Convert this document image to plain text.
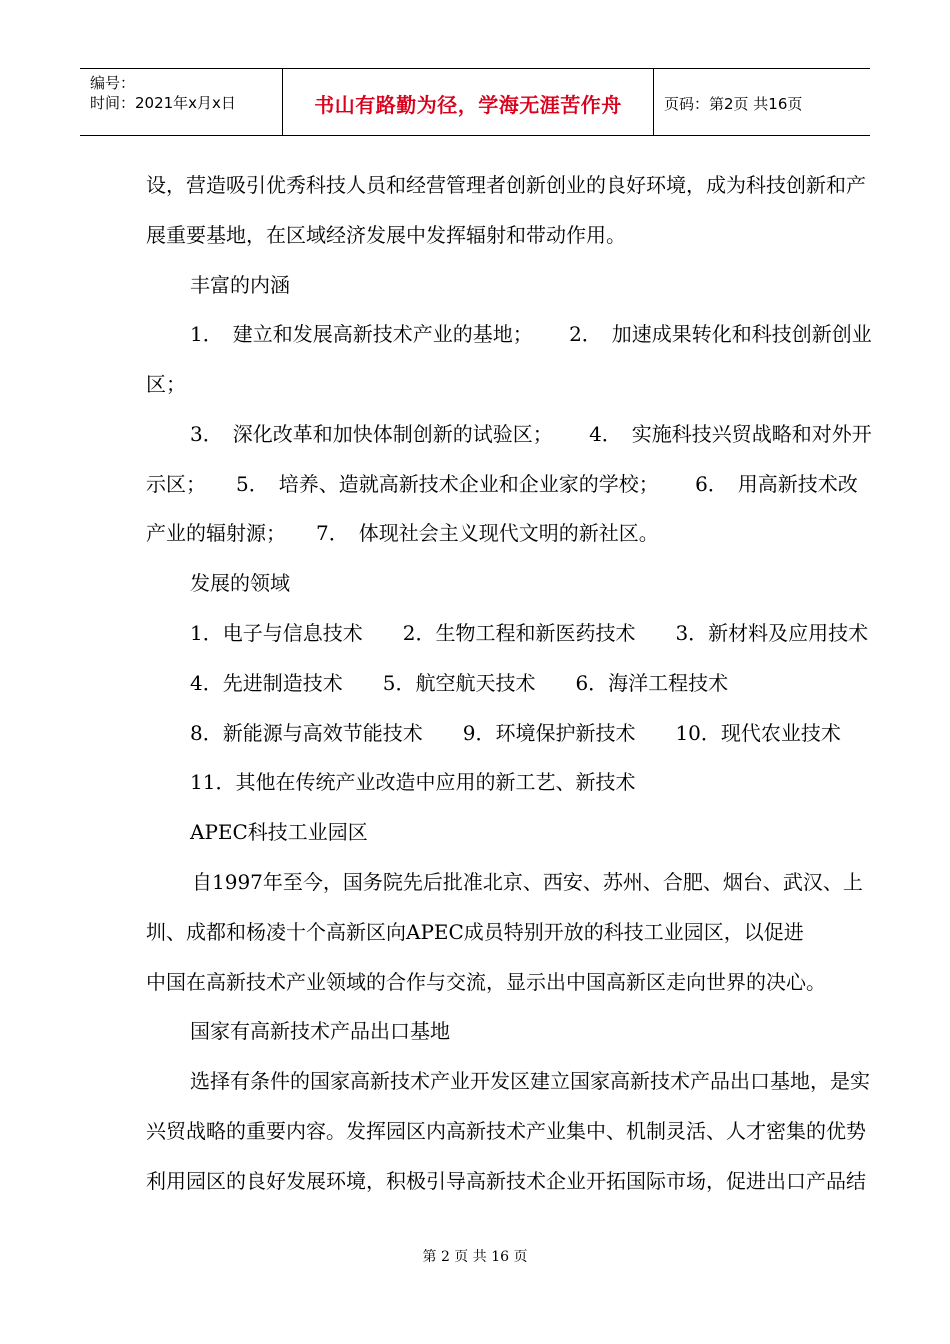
编号：
时间：2021年x月x日	书山有路勤为径，学海无涯苦作舟	页码：第2页 共16页
设，营造吸引优秀科技人员和经营管理者创新创业的良好环境，成为科技创新和产
展重要基地，在区域经济发展中发挥辐射和带动作用。
丰富的内涵
1．　建立和发展高新技术产业的基地；　　 2．　加速成果转化和科技创新创业
区；
3．　深化改革和加快体制创新的试验区；　　 4．　实施科技兴贸战略和对外开
示区；　　5．　培养、造就高新技术企业和企业家的学校；　　 6．　用高新技术改
产业的辐射源；　　7．　体现社会主义现代文明的新社区。
发展的领域
1．电子与信息技术　　2．生物工程和新医药技术　　3．新材料及应用技术
4．先进制造技术　　5．航空航天技术　　6．海洋工程技术
8．新能源与高效节能技术　　9．环境保护新技术　　10．现代农业技术
11．其他在传统产业改造中应用的新工艺、新技术
APEC科技工业园区
自1997年至今，国务院先后批准北京、西安、苏州、合肥、烟台、武汉、上
圳、成都和杨凌十个高新区向APEC成员特别开放的科技工业园区，以促进
中国在高新技术产业领域的合作与交流，显示出中国高新区走向世界的决心。
国家有高新技术产品出口基地
选择有条件的国家高新技术产业开发区建立国家高新技术产品出口基地，是实
兴贸战略的重要内容。发挥园区内高新技术产业集中、机制灵活、人才密集的优势
利用园区的良好发展环境，积极引导高新技术企业开拓国际市场，促进出口产品结
第 2 页 共 16 页
